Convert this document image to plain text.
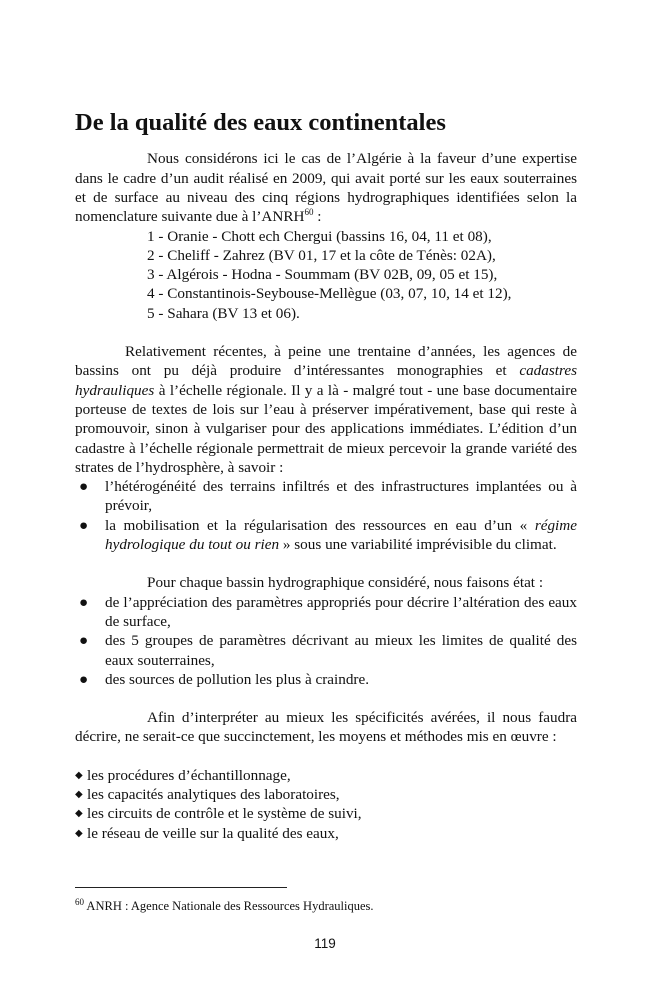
De la qualité des eaux continentales

Nous considérons ici le cas de l’Algérie à la faveur d’une expertise dans le cadre d’un audit réalisé en 2009, qui avait porté sur les eaux souterraines et de surface au niveau des cinq régions hydrographiques identifiées selon la nomenclature suivante due à l’ANRH$^{60}$ :

1 - Oranie - Chott ech Chergui (bassins 16, 04, 11 et 08),
2 - Cheliff - Zahrez (BV 01, 17 et la côte de Ténès: 02A),
3 - Algérois - Hodna - Soummam (BV 02B, 09, 05 et 15),
4 - Constantinois-Seybouse-Mellègue (03, 07, 10, 14 et 12),
5 - Sahara (BV 13 et 06).

Relativement récentes, à peine une trentaine d’années, les agences de bassins ont pu déjà produire d’intéressantes monographies et cadastres hydrauliques à l’échelle régionale. Il y a là - malgré tout - une base documentaire porteuse de textes de lois sur l’eau à préserver impérativement, base qui reste à promouvoir, sinon à vulgariser pour des applications immédiates. L’édition d’un cadastre à l’échelle régionale permettrait de mieux percevoir la grande variété des strates de l’hydrosphère, à savoir :

● l’hétérogénéité des terrains infiltrés et des infrastructures implantées ou à prévoir,
● la mobilisation et la régularisation des ressources en eau d’un « régime hydrologique du tout ou rien » sous une variabilité imprévisible du climat.

Pour chaque bassin hydrographique considéré, nous faisons état :

● de l’appréciation des paramètres appropriés pour décrire l’altération des eaux de surface,
● des 5 groupes de paramètres décrivant au mieux les limites de qualité des eaux souterraines,
● des sources de pollution les plus à craindre.

Afin d’interpréter au mieux les spécificités avérées, il nous faudra décrire, ne serait-ce que succinctement, les moyens et méthodes mis en œuvre :

◆ les procédures d’échantillonnage,
◆ les capacités analytiques des laboratoires,
◆ les circuits de contrôle et le système de suivi,
◆ le réseau de veille sur la qualité des eaux,
$^{60}$ ANRH : Agence Nationale des Ressources Hydrauliques.
119
